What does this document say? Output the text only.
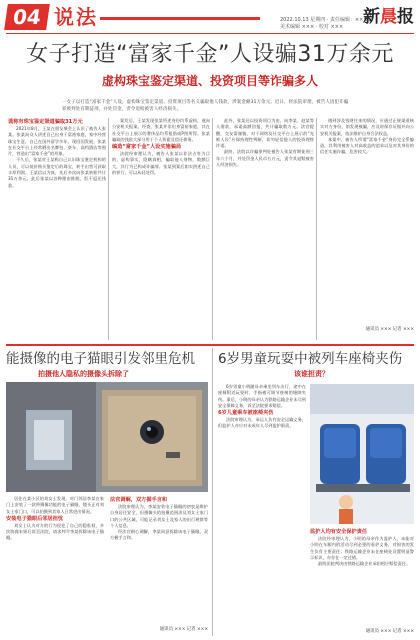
04 说法	2022.10.13 星期四 · 责任编辑：×××
美术编辑 ××× · 校对 ××× 新晨报
女子打造“富家千金”人设骗31万余元
虚构珠宝鉴定渠道、投资项目等诈骗多人
一女子以打造“富家千金”人设，虚构珠宝鉴定渠道、投资项目等名义骗取他人钱款，涉案金额31万余元。近日，经法院审理，被告人因犯诈骗罪被判处有期徒刑，并处罚金，责令退赔被害人经济损失。

谎称有珠宝鉴定渠道骗取31万元

2021年8月，王某在朋友聚会上认识了被告人张某。张某向众人讲述自己出身于富裕家庭，家中经营珠宝生意，自己在国外留学多年，现回国发展。张某在社交平台上经常晒出名牌包、豪车、高档酒店等照片，营造出“富家千金”的形象。

不久后，张某对王某称自己认识珠宝鉴定机构的人员，可以低价购买鉴定后的珠宝，转手出售可获取丰厚利润。王某信以为真，先后多次向张某转账共计31万余元。此后张某以各种理由推脱，拒不返还钱款。

案发后，王某发现张某所述身份均系虚构，遂向公安机关报案。经查，张某并非出身富裕家庭，其在社交平台上展示的奢侈品均系租借或P图所得。张某骗取的钱款大部分用于个人挥霍及偿还债务。

编造“富家千金”人设实施骗局

法院经审理认为，被告人张某以非法占有为目的，虚构事实、隐瞒真相，骗取他人财物，数额巨大，其行为已构成诈骗罪。张某到案后如实供述自己的罪行，可以从轻处罚。

此外，张某还以投资项目为由，向李某、赵某等人借款，承诺高额回报，共计骗取数万元。法官提醒，交友需谨慎，对于网络及社交平台上展示的“光鲜人设”应保持理性判断，切勿轻信他人的投资理财许诺。

最终，法院以诈骗罪判处被告人张某有期徒刑三年六个月，并处罚金人民币五万元，责令其退赔被害人经济损失。

遇到涉及钱财往来的情况，应通过正规渠道核实对方身份，如发现被骗，应及时保存证据并向公安机关报案，依法维护自身合法权益。

本案中，被告人所谓“富家千金”身份完全系编造，其利用被害人对高收益的追求以及对其身份的信任实施诈骗，危害较大。

通讯员 ××× 记者 ×××
能摄像的电子猫眼引发邻里危机
拍摄他人隐私的摄像头拆除了

居住在某小区的刘女士发现，对门邻居李某在家门上安装了一款带摄像功能的电子猫眼，镜头正对刘女士家门口，可以拍摄到其家人日常进出情况。

安装电子猫眼后邻居担忧

刘女士认为对方的行为侵犯了自己的隐私权，多次协商未果后诉至法院，请求判令李某拆除该电子猫眼。

法官调解，双方握手言和

法院审理认为，李某安装电子猫眼的初衷是维护自身居住安全，但摄像头的拍摄范围涉及刘女士家门口的公共区域，可能记录刘女士及家人的出行规律等个人信息。

经法官耐心调解，李某同意拆除该电子猫眼，双方握手言和。

通讯员 ××× 记者 ×××
6岁男童玩耍中被列车座椅夹伤
该谁担责？

6岁男童小明随母亲乘坐列车出行，途中在座椅附近玩耍时，手指被可调节座椅的缝隙夹伤。事后，小明的母亲认为铁路运输企业未尽到安全保障义务，诉至法院要求赔偿。

6岁儿童乘车被座椅夹伤

法院审理认为，承运人负有安全运输义务，但监护人亦应对未成年人尽到监护职责。

监护人均有安全保护责任

法院经审理认为，小明的母亲作为监护人，未能对小明在车厢内的活动尽到必要的看护义务，对损害的发生负有主要责任；铁路运输企业未在座椅处设置明显警示标识，亦存在一定过错。

最终法院判决由铁路运输企业承担相应赔偿责任。

通讯员 ××× 记者 ×××
